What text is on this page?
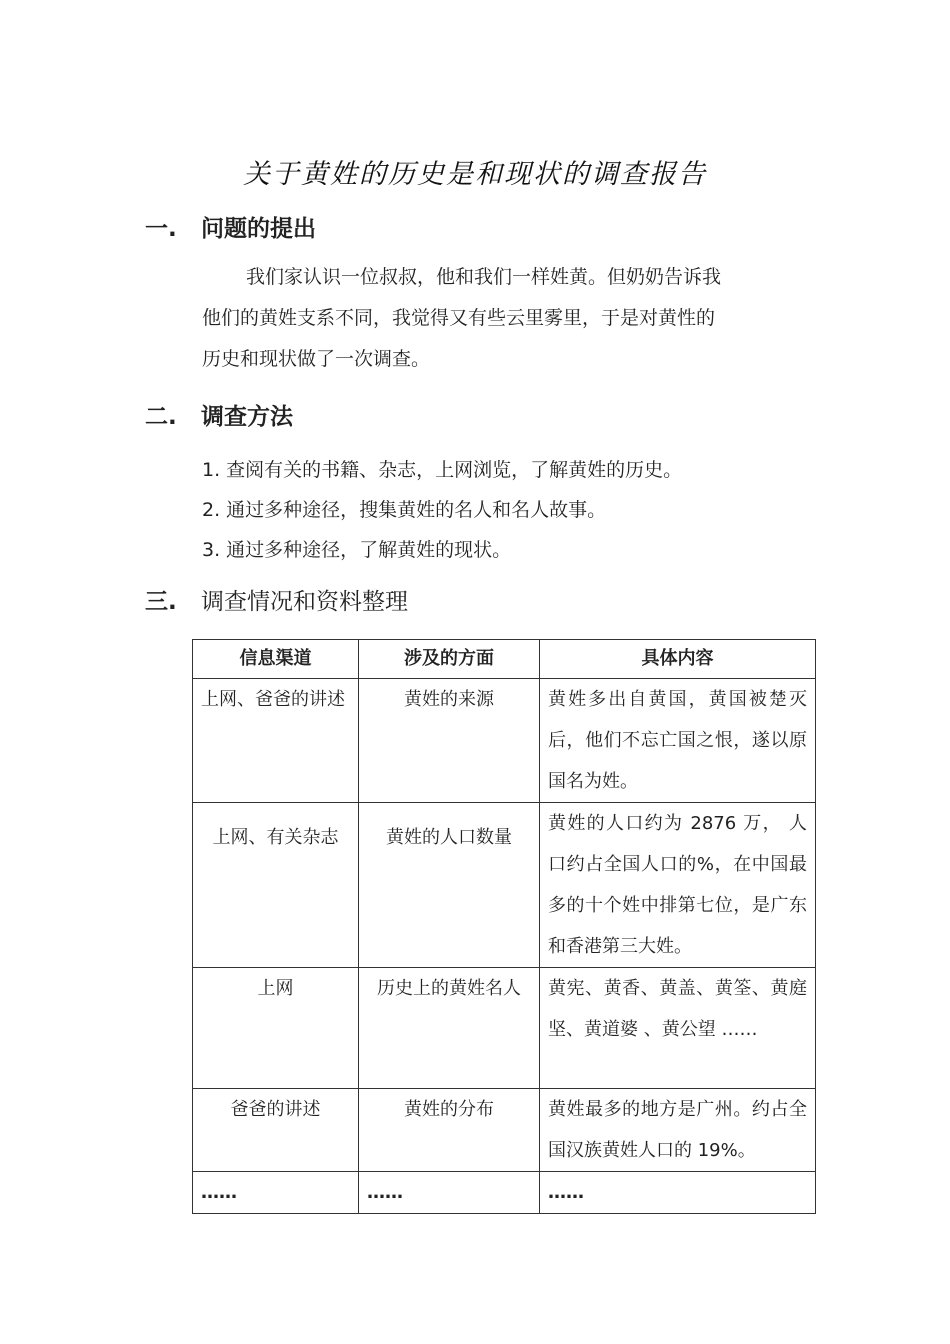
关于黄姓的历史是和现状的调查报告
一.	问题的提出
我们家认识一位叔叔，他和我们一样姓黄。但奶奶告诉我
他们的黄姓支系不同，我觉得又有些云里雾里，于是对黄性的
历史和现状做了一次调查。
二.	调查方法
1. 查阅有关的书籍、杂志，上网浏览，了解黄姓的历史。
2. 通过多种途径，搜集黄姓的名人和名人故事。
3. 通过多种途径，了解黄姓的现状。
三.	调查情况和资料整理
信息渠道	涉及的方面	具体内容
上网、爸爸的讲述	黄姓的来源	黄姓多出自黄国，黄国被楚灭后，他们不忘亡国之恨，遂以原国名为姓。

上网、有关杂志	黄姓的人口数量	黄姓的人口约为 2876 万， 人口约占全国人口的%，在中国最多的十个姓中排第七位，是广东和香港第三大姓。
上网	历史上的黄姓名人	黄宪、黄香、黄盖、黄筌、黄庭坚、黄道婆 、黄公望 ……
爸爸的讲述	黄姓的分布	黄姓最多的地方是广州。约占全国汉族黄姓人口的 19%。
……	……	……
